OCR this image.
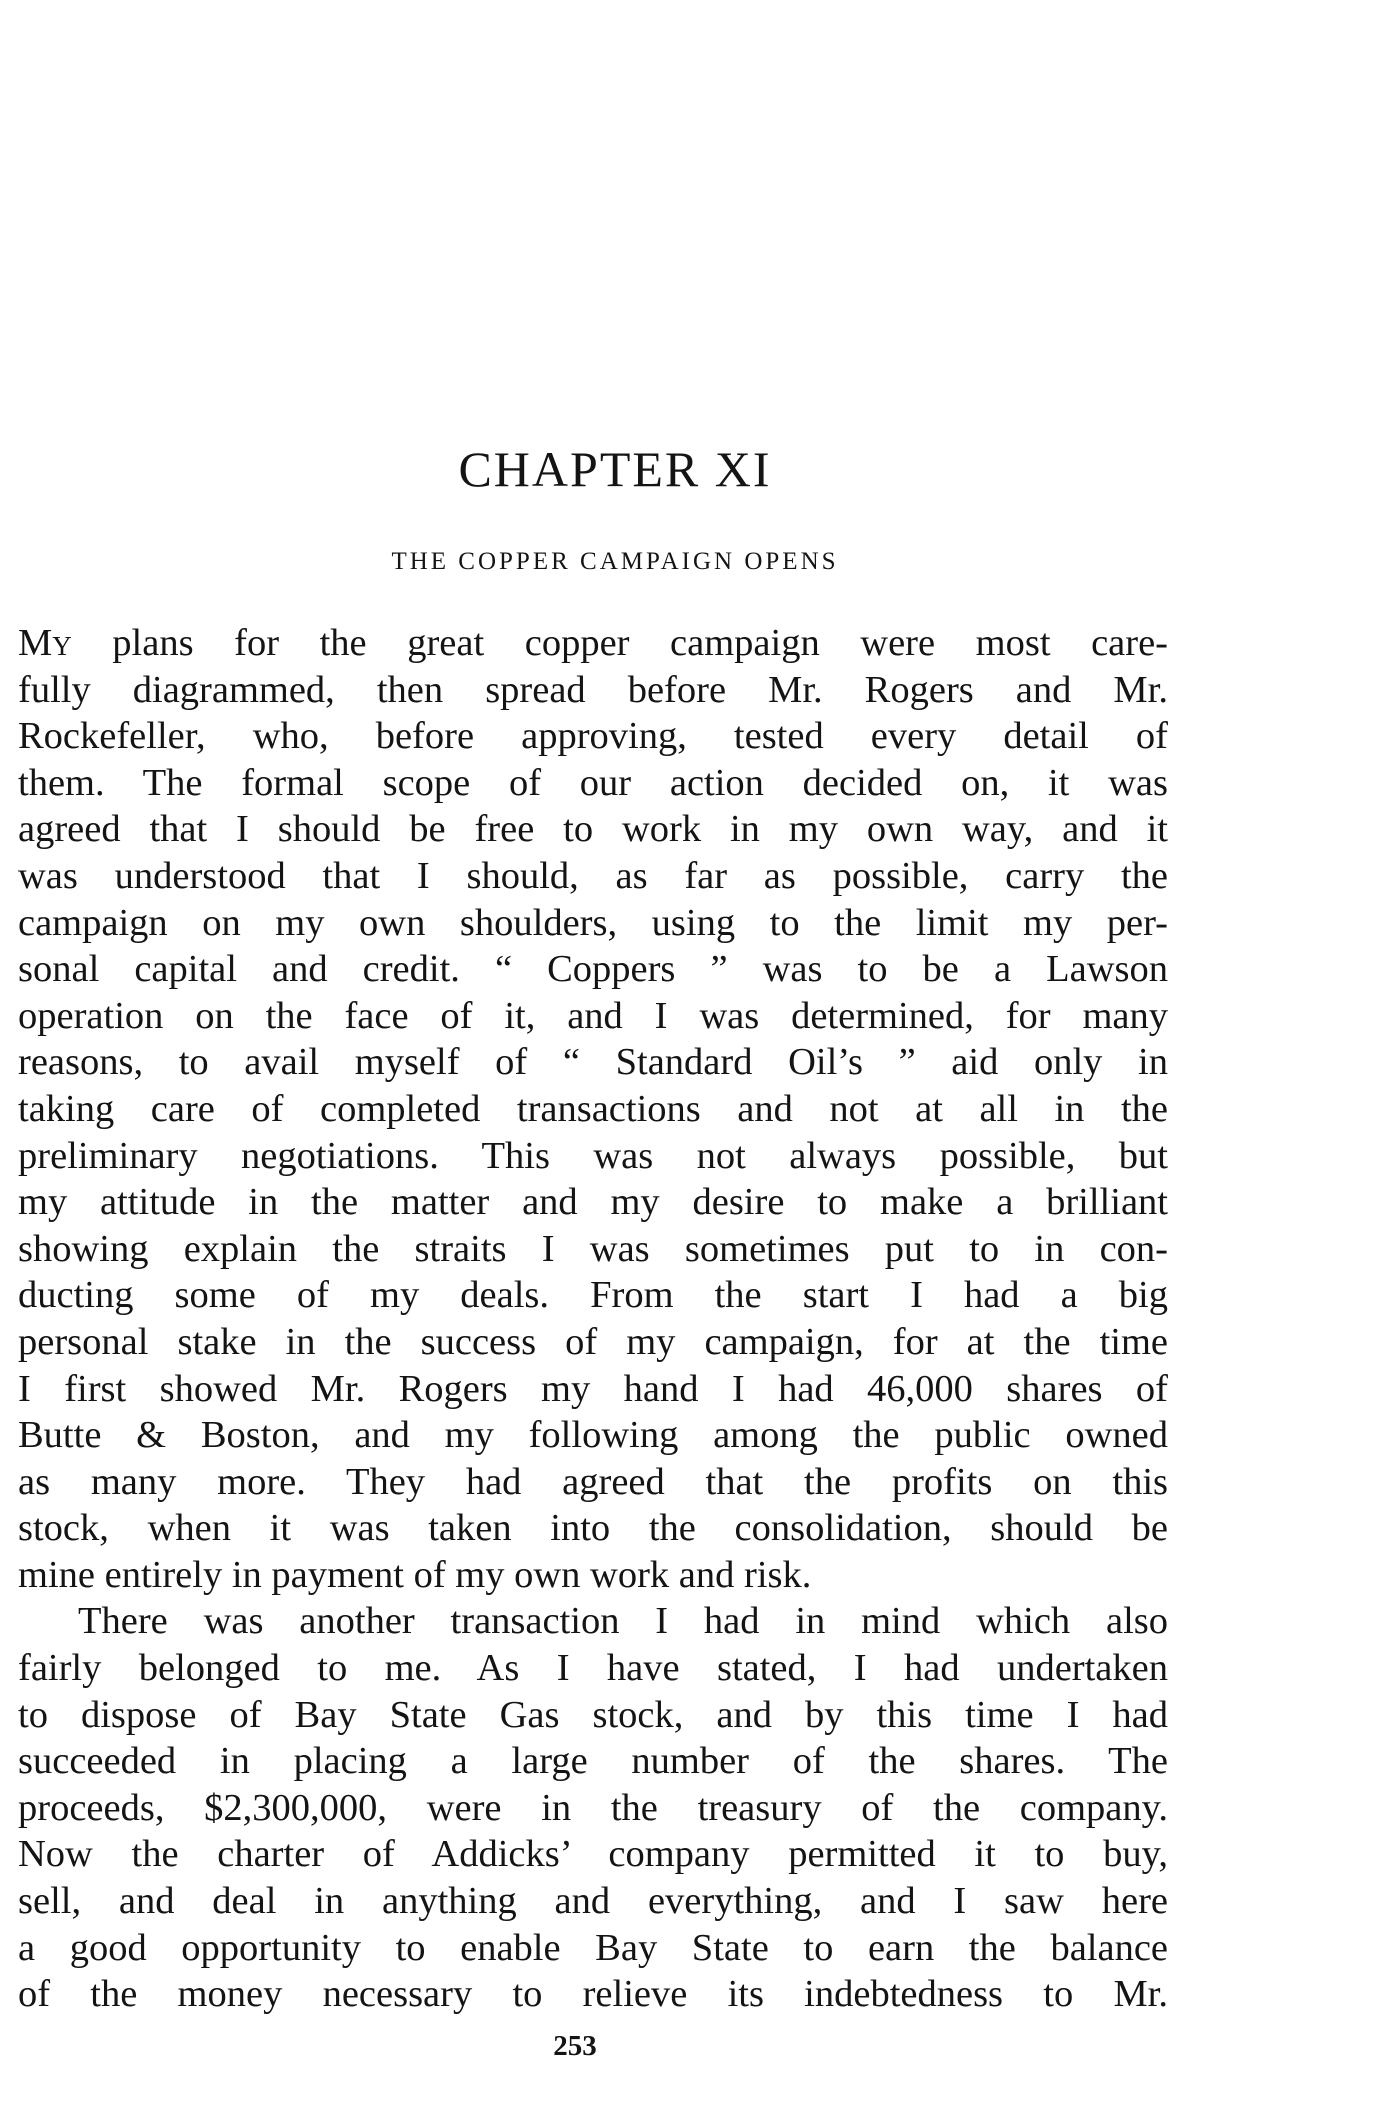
CHAPTER XI
THE COPPER CAMPAIGN OPENS
My plans for the great copper campaign were most care-
fully diagrammed, then spread before Mr. Rogers and Mr.
Rockefeller, who, before approving, tested every detail of
them. The formal scope of our action decided on, it was
agreed that I should be free to work in my own way, and it
was understood that I should, as far as possible, carry the
campaign on my own shoulders, using to the limit my per-
sonal capital and credit. “ Coppers ” was to be a Lawson
operation on the face of it, and I was determined, for many
reasons, to avail myself of “ Standard Oil’s ” aid only in
taking care of completed transactions and not at all in the
preliminary negotiations. This was not always possible, but
my attitude in the matter and my desire to make a brilliant
showing explain the straits I was sometimes put to in con-
ducting some of my deals. From the start I had a big
personal stake in the success of my campaign, for at the time
I first showed Mr. Rogers my hand I had 46,000 shares of
Butte & Boston, and my following among the public owned
as many more. They had agreed that the profits on this
stock, when it was taken into the consolidation, should be
mine entirely in payment of my own work and risk.
There was another transaction I had in mind which also
fairly belonged to me. As I have stated, I had undertaken
to dispose of Bay State Gas stock, and by this time I had
succeeded in placing a large number of the shares. The
proceeds, $2,300,000, were in the treasury of the company.
Now the charter of Addicks’ company permitted it to buy,
sell, and deal in anything and everything, and I saw here
a good opportunity to enable Bay State to earn the balance
of the money necessary to relieve its indebtedness to Mr.
253
